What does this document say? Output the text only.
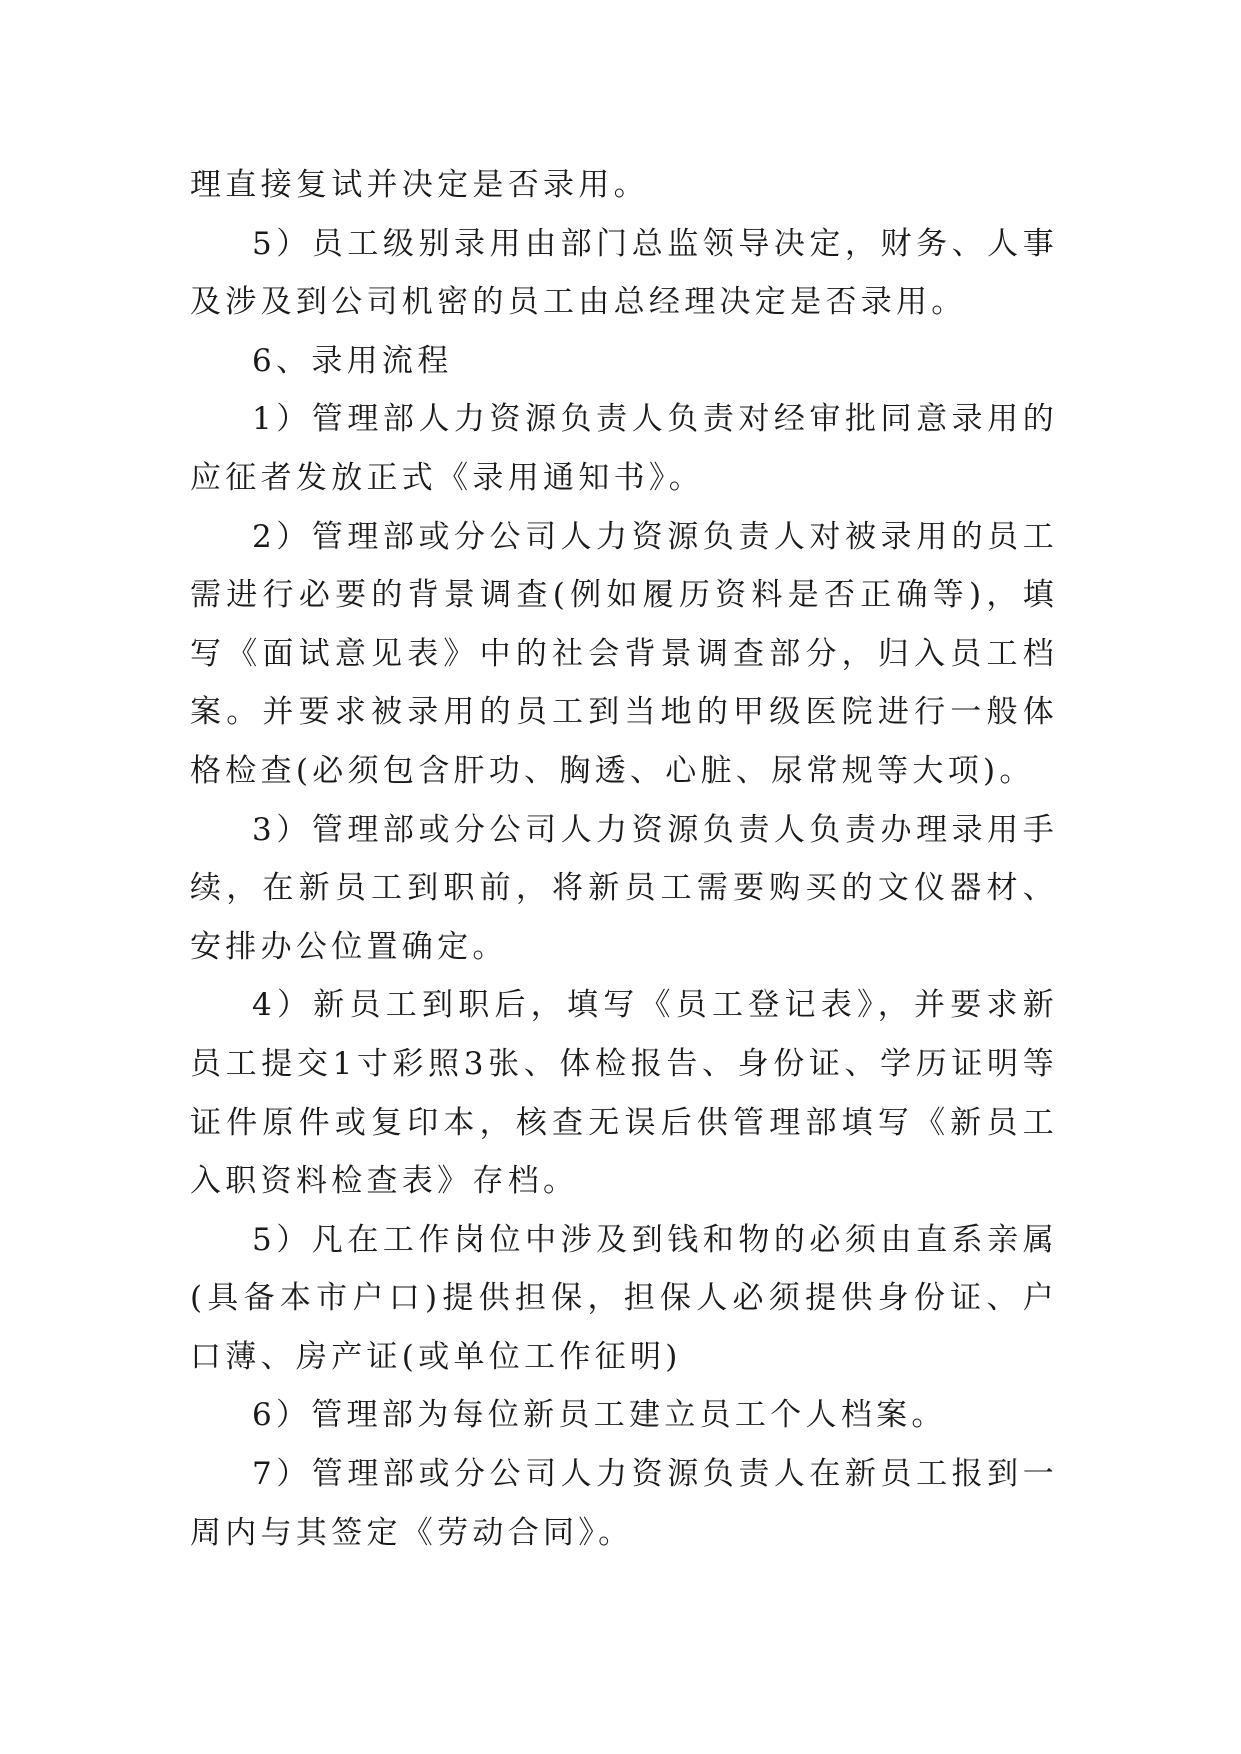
理直接复试并决定是否录用。

5）员工级别录用由部门总监领导决定，财务、人事及涉及到公司机密的员工由总经理决定是否录用。

6、录用流程

1）管理部人力资源负责人负责对经审批同意录用的应征者发放正式《录用通知书》。

2）管理部或分公司人力资源负责人对被录用的员工需进行必要的背景调查(例如履历资料是否正确等)，填写《面试意见表》中的社会背景调查部分，归入员工档案。并要求被录用的员工到当地的甲级医院进行一般体格检查(必须包含肝功、胸透、心脏、尿常规等大项)。

3）管理部或分公司人力资源负责人负责办理录用手续，在新员工到职前，将新员工需要购买的文仪器材、安排办公位置确定。

4）新员工到职后，填写《员工登记表》，并要求新员工提交1寸彩照3张、体检报告、身份证、学历证明等证件原件或复印本，核查无误后供管理部填写《新员工入职资料检查表》存档。

5）凡在工作岗位中涉及到钱和物的必须由直系亲属(具备本市户口)提供担保，担保人必须提供身份证、户口薄、房产证(或单位工作征明)

6）管理部为每位新员工建立员工个人档案。

7）管理部或分公司人力资源负责人在新员工报到一周内与其签定《劳动合同》。
